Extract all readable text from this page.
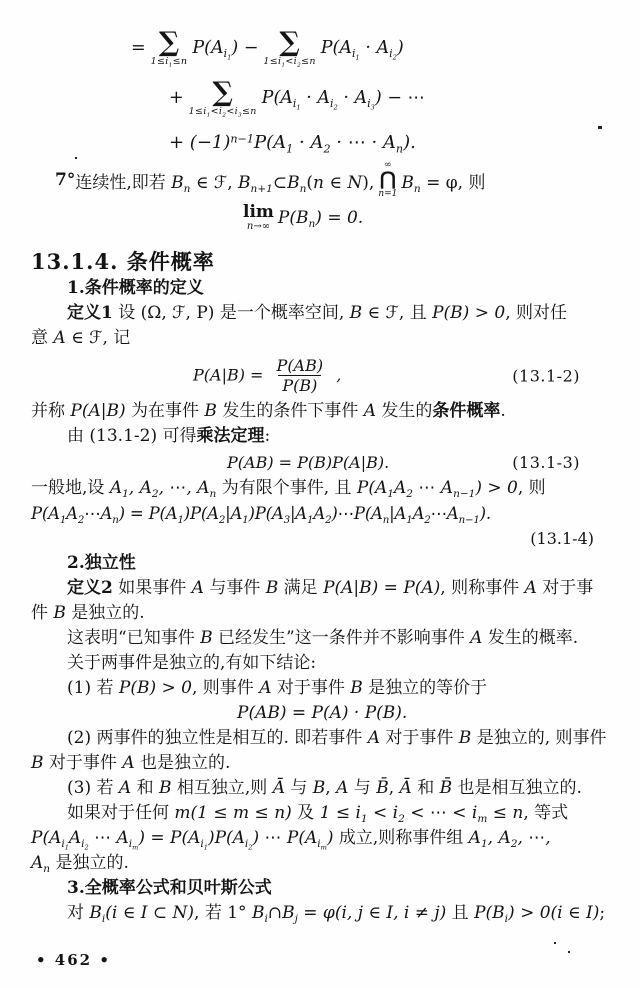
= ∑
$1\le i_1\le n$
$P(A_{i_1})$ − ∑
$1\le i_1<i_2\le n$
$P(A_{i_1} \cdot A_{i_2})$
+ ∑
$1\le i_1<i_2<i_3\le n$
$P(A_{i_1} \cdot A_{i_2} \cdot A_{i_3})$ − ⋯
+ $(-1)^{n-1}P(A_1 \cdot A_2$ · ⋯ · $A_n$).
7° 连续性,即若 $B_n$ ∈ ℱ, $B_{n+1}\subset B_n(n$ ∈ N),
∞
⋂
n=1
$B_n = \varphi$, 则
lim
n→∞ $P(B_n) = 0$.
13.1.4. 条件概率
1.条件概率的定义
定义1 设 (Ω, ℱ, P) 是一个概率空间, B ∈ ℱ, 且 P(B) > 0, 则对任
意 A ∈ ℱ, 记
$P(A|B) = \frac{P(AB)}{P(B)}$ ,	(13.1-2)
并称 P(A|B) 为在事件 B 发生的条件下事件 A 发生的条件概率.
由 (13.1-2) 可得乘法定理:
P(AB) = P(B)P(A|B).	(13.1-3)
一般地,设 $A_1$, $A_2$, ⋯, $A_n$ 为有限个事件, 且 $P(A_1A_2$ ⋯ $A_{n-1}) > 0$, 则
$P(A_1A_2\cdots A_n)$ = $P(A_1)P(A_2|A_1)P(A_3|A_1A_2)\cdots P(A_n|A_1A_2\cdots A_{n-1})$.
(13.1-4)
2.独立性
定义2 如果事件 A 与事件 B 满足 P(A|B) = P(A), 则称事件 A 对于事
件 B 是独立的.
这表明“已知事件 B 已经发生”这一条件并不影响事件 A 发生的概率.
关于两事件是独立的,有如下结论:
(1) 若 P(B) > 0, 则事件 A 对于事件 B 是独立的等价于
P(AB) = P(A) · P(B).
(2) 两事件的独立性是相互的. 即若事件 A 对于事件 B 是独立的, 则事件
B 对于事件 A 也是独立的.
(3) 若 A 和 B 相互独立,则 Ā 与 B, A 与 B̄, Ā 和 B̄ 也是相互独立的.
如果对于任何 m(1 ≤ m ≤ n) 及 $1 \le i_1 < i_2$ < ⋯ < $i_m \le n$, 等式
$P(A_{i_1}A_{i_2}$ ⋯ $A_{i_m}) = P(A_{i_1})P(A_{i_2})$ ⋯ $P(A_{i_m})$ 成立,则称事件组 $A_1$, $A_2$, ⋯,
$A_n$ 是独立的.
3.全概率公式和贝叶斯公式
对 $B_i(i$ ∈ I ⊂ N), 若 1° $B_i\cap B_j = \varphi(i$, j ∈ I, i ≠ j) 且 $P(B_i) > 0(i$ ∈ I);
• 462 •
